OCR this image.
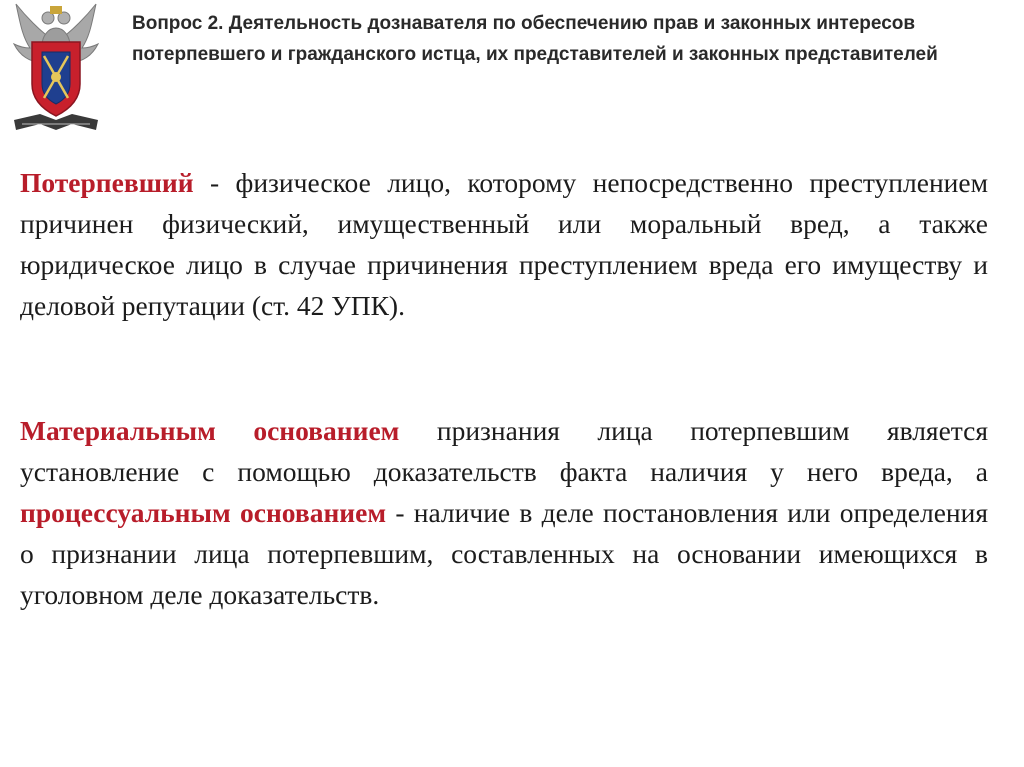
Вопрос 2. Деятельность дознавателя по обеспечению прав и законных интересов потерпевшего и гражданского истца, их представителей и законных представителей

Потерпевший - физическое лицо, которому непосредственно преступлением причинен физический, имущественный или моральный вред, а также юридическое лицо в случае причинения преступлением вреда его имуществу и деловой репутации (ст. 42 УПК).

Материальным основанием признания лица потерпевшим является установление с помощью доказательств факта наличия у него вреда, а процессуальным основанием - наличие в деле постановления или определения о признании лица потерпевшим, составленных на основании имеющихся в уголовном деле доказательств.
